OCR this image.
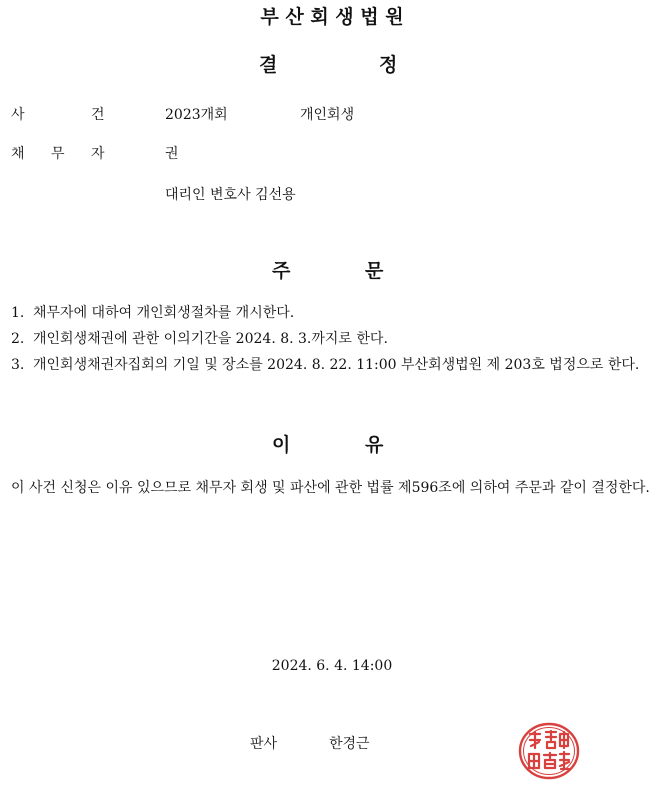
부 산 회 생 법 원
결	정
사	건	2023개회	개인회생
채 무 자	권
대리인 변호사 김선용
주	문
1. 채무자에 대하여 개인회생절차를 개시한다.
2. 개인회생채권에 관한 이의기간을 2024. 8. 3.까지로 한다.
3. 개인회생채권자집회의 기일 및 장소를 2024. 8. 22. 11:00 부산회생법원 제 203호 법정으로 한다.
이	유
이 사건 신청은 이유 있으므로 채무자 회생 및 파산에 관한 법률 제596조에 의하여 주문과 같이 결정한다.
2024. 6. 4. 14:00
판사	한경근
